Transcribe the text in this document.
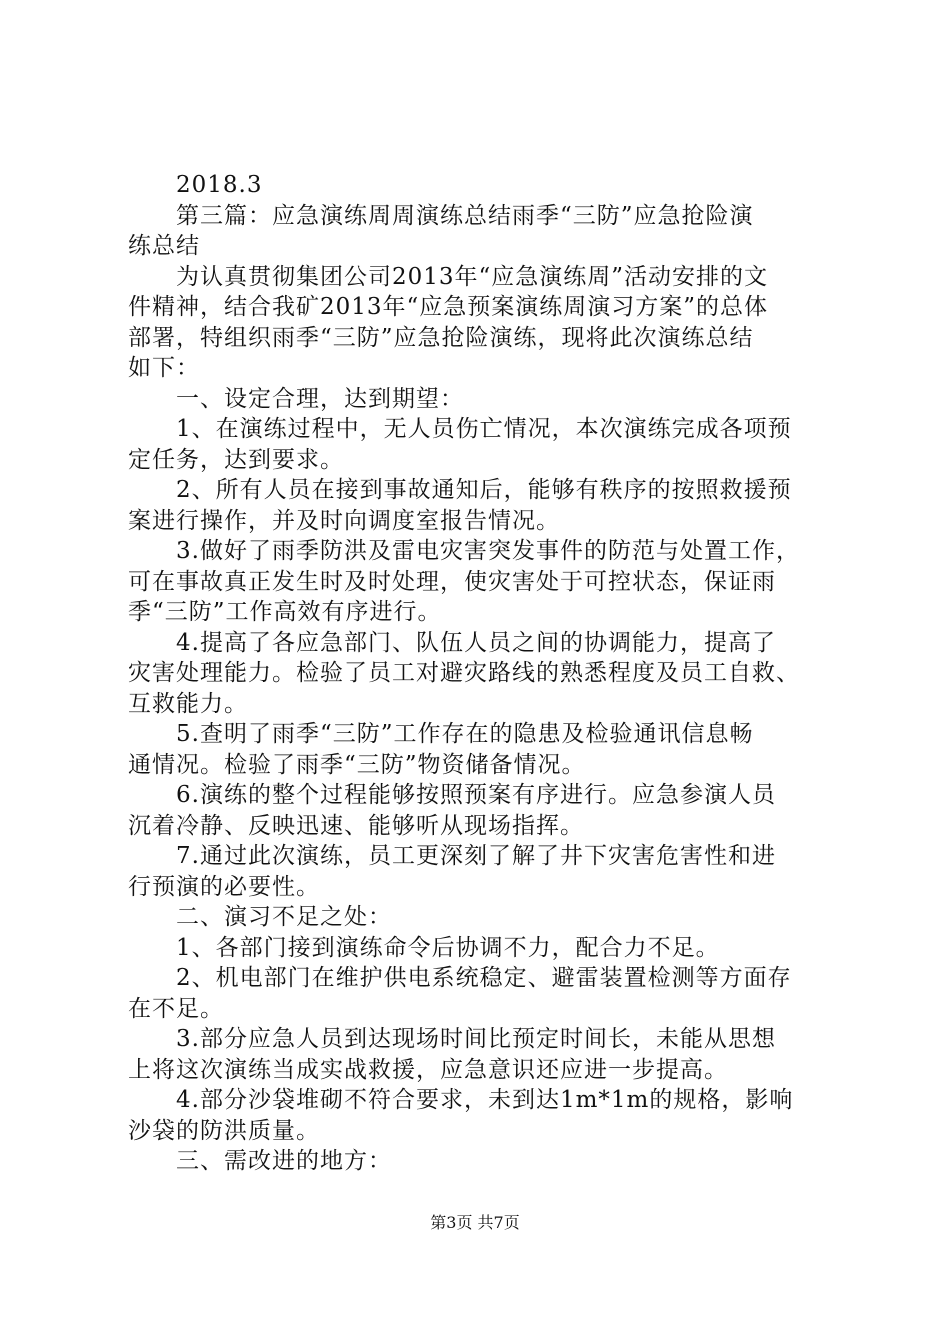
2018.3
第三篇：应急演练周周演练总结雨季“三防”应急抢险演
练总结
为认真贯彻集团公司2013年“应急演练周”活动安排的文
件精神，结合我矿2013年“应急预案演练周演习方案”的总体
部署，特组织雨季“三防”应急抢险演练，现将此次演练总结
如下：
一、设定合理，达到期望：
1、在演练过程中，无人员伤亡情况，本次演练完成各项预
定任务，达到要求。
2、所有人员在接到事故通知后，能够有秩序的按照救援预
案进行操作，并及时向调度室报告情况。
3.做好了雨季防洪及雷电灾害突发事件的防范与处置工作，
可在事故真正发生时及时处理，使灾害处于可控状态，保证雨
季“三防”工作高效有序进行。
4.提高了各应急部门、队伍人员之间的协调能力，提高了
灾害处理能力。检验了员工对避灾路线的熟悉程度及员工自救、
互救能力。
5.查明了雨季“三防”工作存在的隐患及检验通讯信息畅
通情况。检验了雨季“三防”物资储备情况。
6.演练的整个过程能够按照预案有序进行。应急参演人员
沉着冷静、反映迅速、能够听从现场指挥。
7.通过此次演练，员工更深刻了解了井下灾害危害性和进
行预演的必要性。
二、演习不足之处：
1、各部门接到演练命令后协调不力，配合力不足。
2、机电部门在维护供电系统稳定、避雷装置检测等方面存
在不足。
3.部分应急人员到达现场时间比预定时间长，未能从思想
上将这次演练当成实战救援，应急意识还应进一步提高。
4.部分沙袋堆砌不符合要求，未到达1m*1m的规格，影响
沙袋的防洪质量。
三、需改进的地方：
第3页 共7页
